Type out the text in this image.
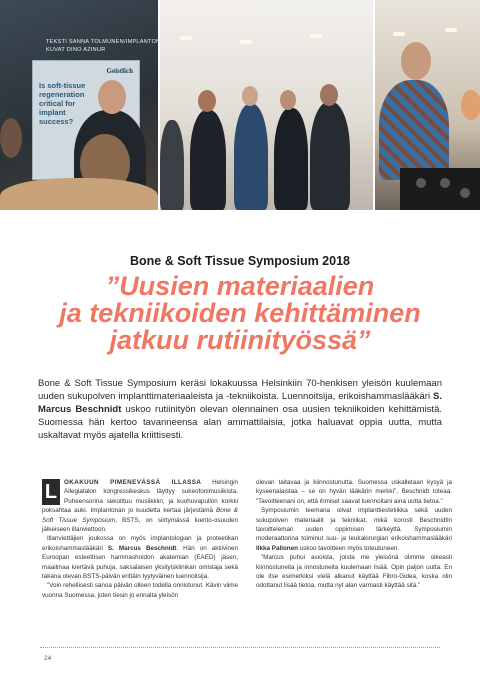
Geistlich
Is soft-tissue regeneration critical for implant success?
TEKSTI SANNA TOLMUNEN/IMPLANTONA
KUVAT DINO AZINUR
Bone & Soft Tissue Symposium 2018
”Uusien materiaalien
ja tekniikoiden kehittäminen
jatkuu rutiinityössä”
Bone & Soft Tissue Symposium keräsi lokakuussa Helsinkiin 70-henkisen yleisön kuulemaan uuden sukupolven implanttimateriaaleista ja -tekniikoista. Luennoitsija, erikoishammaslääkäri S. Marcus Beschnidt uskoo rutiinityön olevan olennainen osa uusien tekniikoiden kehittämistä. Suomessa hän kertoo tavanneensa alan ammattilaisia, jotka haluavat oppia uutta, mutta uskaltavat myös ajatella kriittisesti.

L	OKAKUUN PIMENEVÄSSÄ ILLASSA Helsingin Allegiatalon kongressikeskus täyttyy sukeofonimusiikista. Puheensorina sekoittuu musiikkiin, ja kuohuvapullon korkki poksahtaa auki. Implantonan jo kuudetta kertaa järjestämä Bone & Soft Tissue Symposium, BSTS, on siirtymässä luento-osuuden jälkeiseen illanviettoon.

Illanviettäjien joukossa on myös implantologian ja proteetikan erikoishammaslääkäri S. Marcus Beschnidt. Hän on aktiivinen Euroopan esteettisen hammashoidon akatemian (EAED) jäsen, maailmaa kiertävä puhuja, saksalaisen yksityisklinikan omistaja sekä takana olevan BSTS-päivän erittäin tyytyväinen luennoitsija.

”Voin rehellisesti sanoa päivän olleen todella onnistunut. Kävin viime vuonna Suomessa, joten tiesin jo ennalta yleisön

olevan taitavaa ja kiinnostunutta. Suomessa uskalletaan kysyä ja kyseenalaistaa – se on hyvän lääkärin merkki”, Beschnidt toteaa. ”Tavoitteenani on, että ihmiset saavat luennoitani aina uutta tietoa.”

Symposiumin teemana olivat implanttiestetiikka sekä uuden sukupolven materiaalit ja tekniikat, mikä korosti Beschnidtin tavoitteleman uuden oppimisen tärkeyttä. Symposiumin moderaattorina toiminut suu- ja leukakirurgian erikoishammaslääkäri Ilkka Pallonen uskoo tavoitteen myös toteutuneen.

”Marcus puhui asioista, joista me yleisönä olimme oikeasti kiinnostuneita ja innostuneita kuulemaan lisää. Opin paljon uutta. En ole itse esimerkiksi vielä alkanut käyttää Fibro-Gidea, koska olin odottanut lisää tietoa, mutta nyt alan varmasti käyttää sitä.”

24
